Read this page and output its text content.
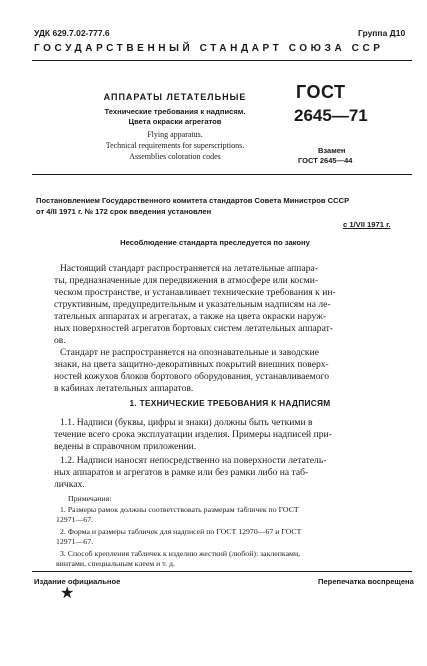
УДК 629.7.02-777.6	Группа Д10
ГОСУДАРСТВЕННЫЙ СТАНДАРТ СОЮЗА ССР
АППАРАТЫ ЛЕТАТЕЛЬНЫЕ
Технические требования к надписям.
Цвета окраски агрегатов
Flying apparatus.
Technical requirements for superscriptions.
Assemblies coloration codes
ГОСТ
2645—71
Взамен
ГОСТ 2645—44
Постановлением Государственного комитета стандартов Совета Министров СССР
от 4/II 1971 г. № 172 срок введения установлен
с 1/VII 1971 г.
Несоблюдение стандарта преследуется по закону
Настоящий стандарт распространяется на летательные аппара-
ты, предназначенные для передвижения в атмосфере или косми-
ческом пространстве, и устанавливает технические требования к ин-
структивным, предупредительным и указательным надписям на ле-
тательных аппаратах и агрегатах, а также на цвета окраски наруж-
ных поверхностей агрегатов бортовых систем летательных аппарат-
ов.
Стандарт не распространяется на опознавательные и заводские
знаки, на цвета защитно-декоративных покрытий внешних поверх-
ностей кожухов блоков бортового оборудования, устанавливаемого
в кабинах летательных аппаратов.
1. ТЕХНИЧЕСКИЕ ТРЕБОВАНИЯ К НАДПИСЯМ
1.1. Надписи (буквы, цифры и знаки) должны быть четкими в
течение всего срока эксплуатации изделия. Примеры надписей при-
ведены в справочном приложении.
1.2. Надписи наносят непосредственно на поверхности летатель-
ных аппаратов и агрегатов в рамке или без рамки либо на таб-
личках.
Примечания:
1. Размеры рамок должны соответствовать размерам табличек по ГОСТ
12971—67.
2. Форма и размеры табличек для надписей по ГОСТ 12970—67 и ГОСТ
12971—67.
3. Способ крепления табличек к изделию жесткий (любой): заклепками,
винтами, специальным клеем и т. д.
Издание официальное	Перепечатка воспрещена
★
